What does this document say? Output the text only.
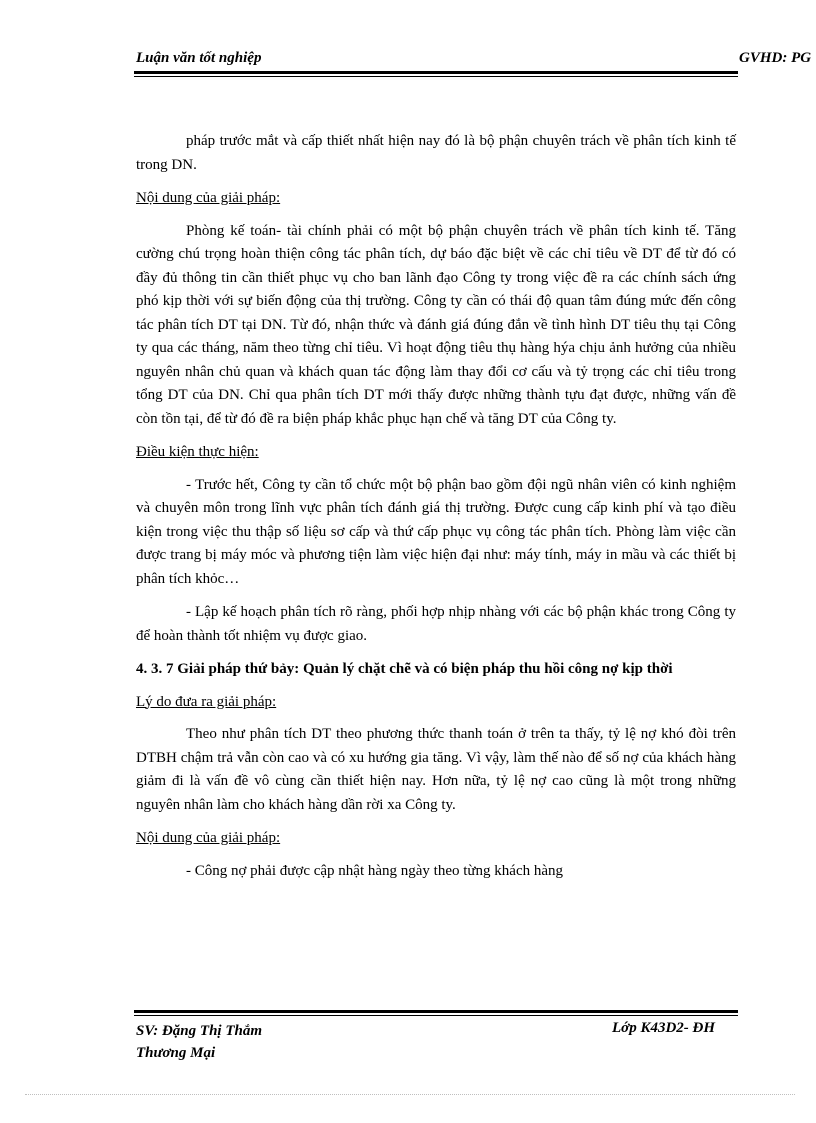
Luận văn tốt nghiệp	GVHD: PG

pháp trước mắt và cấp thiết nhất hiện nay đó là bộ phận chuyên trách về phân tích kinh tế trong DN.

Nội dung của giải pháp:

Phòng kế toán- tài chính phải có một bộ phận chuyên trách về phân tích kinh tế. Tăng cường chú trọng hoàn thiện công tác phân tích, dự báo đặc biệt về các chỉ tiêu về DT để từ đó có đầy đủ thông tin cần thiết phục vụ cho ban lãnh đạo Công ty trong việc đề ra các chính sách ứng phó kịp thời với sự biến động của thị trường. Công ty cần có thái độ quan tâm đúng mức đến công tác phân tích DT tại DN. Từ đó, nhận thức và đánh giá đúng đắn về tình hình DT tiêu thụ tại Công ty qua các tháng, năm theo từng chỉ tiêu. Vì hoạt động tiêu thụ hàng hýa chịu ảnh hưởng của nhiều nguyên nhân chủ quan và khách quan tác động làm thay đổi cơ cấu và tỷ trọng các chỉ tiêu trong tổng DT của DN. Chỉ qua phân tích DT mới thấy được những thành tựu đạt được, những vấn đề còn tồn tại, để từ đó đề ra biện pháp khắc phục hạn chế và tăng DT của Công ty.

Điều kiện thực hiện:

- Trước hết, Công ty cần tổ chức một bộ phận bao gồm đội ngũ nhân viên có kinh nghiệm và chuyên môn trong lĩnh vực phân tích đánh giá thị trường. Được cung cấp kinh phí và tạo điều kiện trong việc thu thập số liệu sơ cấp và thứ cấp phục vụ công tác phân tích. Phòng làm việc cần được trang bị máy móc và phương tiện làm việc hiện đại như: máy tính, máy in mầu và các thiết bị phân tích khỏc…

- Lập kế hoạch phân tích rõ ràng, phối hợp nhịp nhàng với các bộ phận khác trong Công ty để hoàn thành tốt nhiệm vụ được giao.

4. 3. 7 Giải pháp thứ bảy: Quản lý chặt chẽ và có biện pháp thu hồi công nợ kịp thời

Lý do đưa ra giải pháp:

Theo như phân tích DT theo phương thức thanh toán ở trên ta thấy, tỷ lệ nợ khó đòi trên DTBH chậm trả vẫn còn cao và có xu hướng gia tăng. Vì vậy, làm thế nào để số nợ của khách hàng giảm đi là vấn đề vô cùng cần thiết hiện nay. Hơn nữa, tỷ lệ nợ cao cũng là một trong những nguyên nhân làm cho khách hàng dần rời xa Công ty.

Nội dung của giải pháp:

- Công nợ phải được cập nhật hàng ngày theo từng khách hàng

SV: Đặng Thị Thắm
Thương Mại
Lớp K43D2- ĐH
